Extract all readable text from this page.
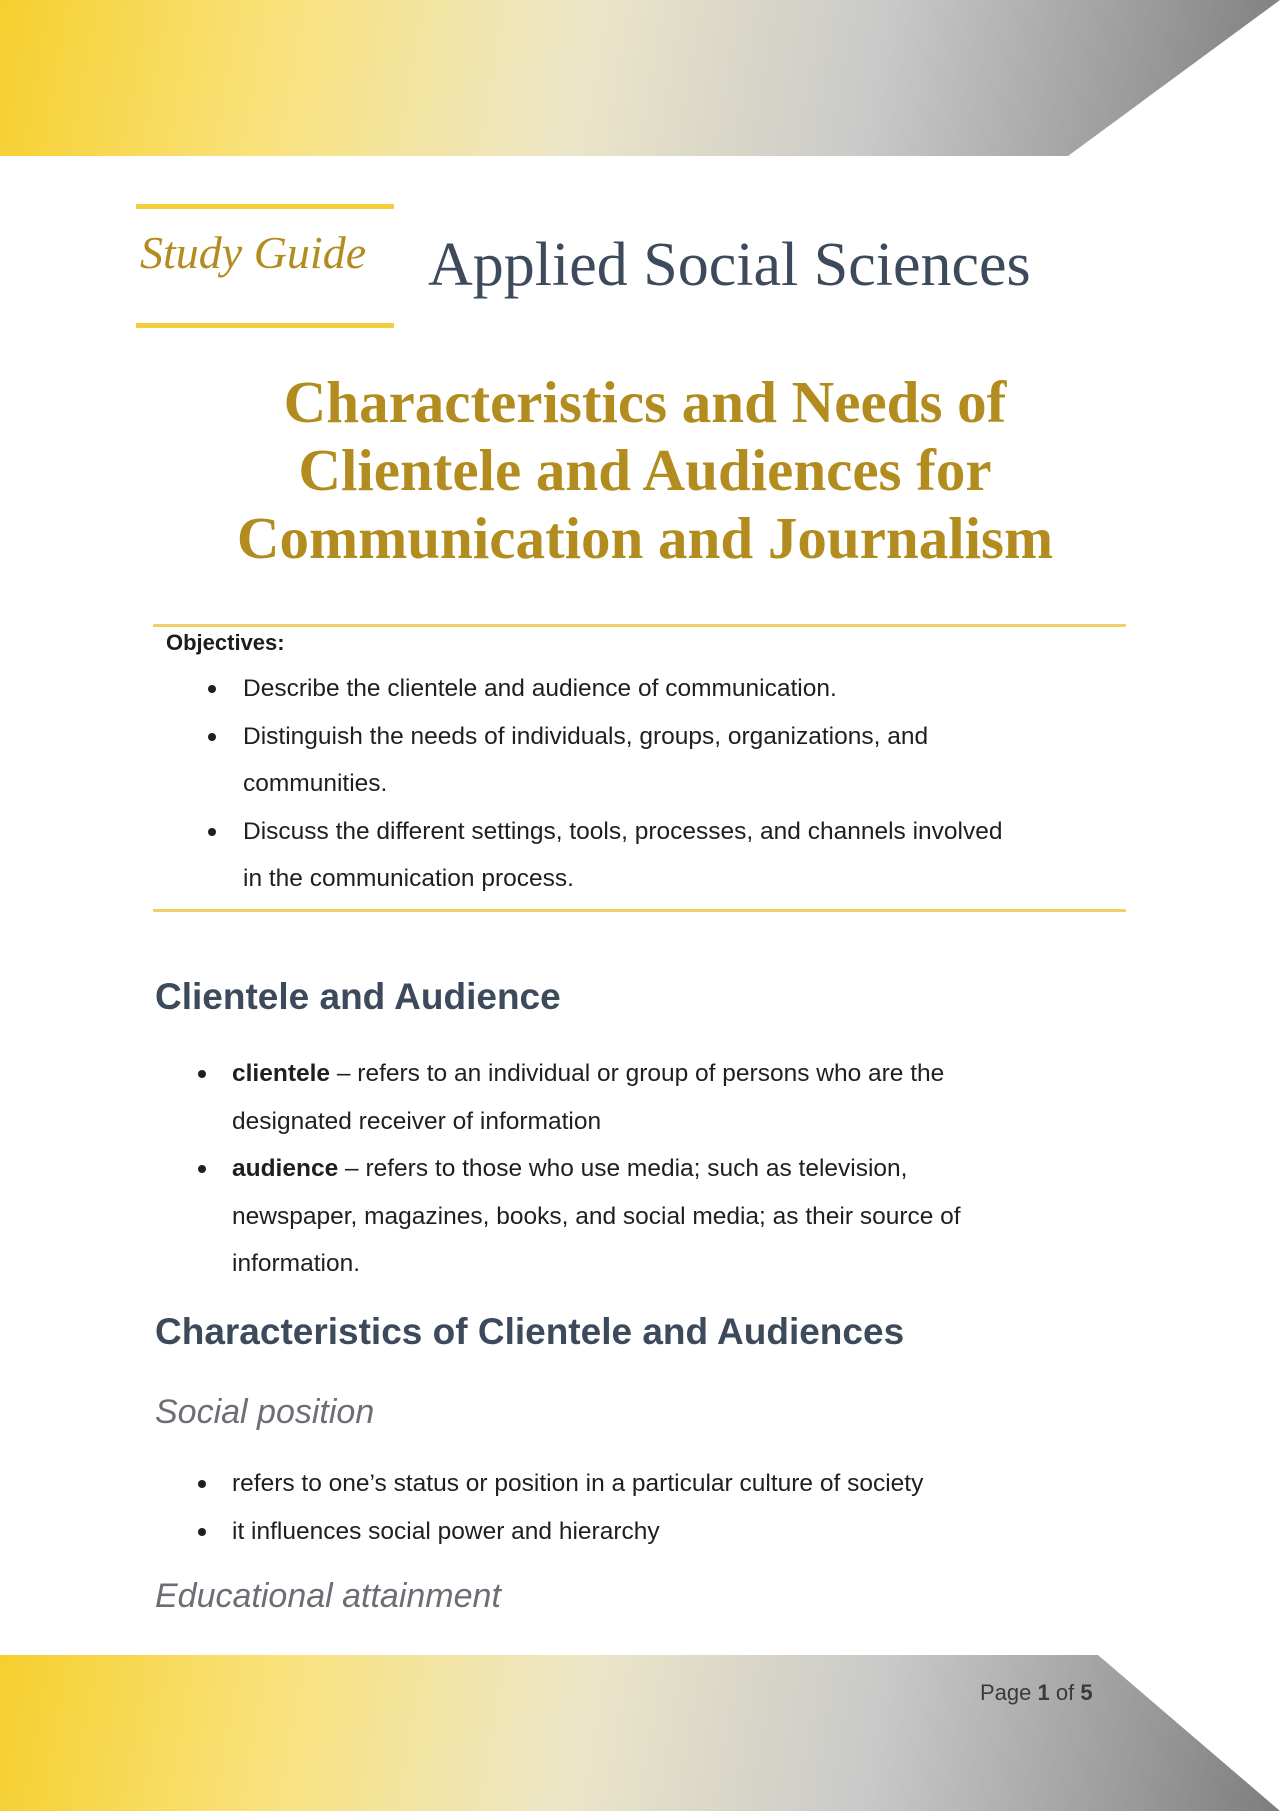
Study Guide Applied Social Sciences
Characteristics and Needs of
Clientele and Audiences for
Communication and Journalism
Objectives:
Describe the clientele and audience of communication.
Distinguish the needs of individuals, groups, organizations, and
communities.
Discuss the different settings, tools, processes, and channels involved
in the communication process.
Clientele and Audience
clientele – refers to an individual or group of persons who are the
designated receiver of information
audience – refers to those who use media; such as television,
newspaper, magazines, books, and social media; as their source of
information.
Characteristics of Clientele and Audiences
Social position
refers to one’s status or position in a particular culture of society
it influences social power and hierarchy
Educational attainment
Page 1 of 5
